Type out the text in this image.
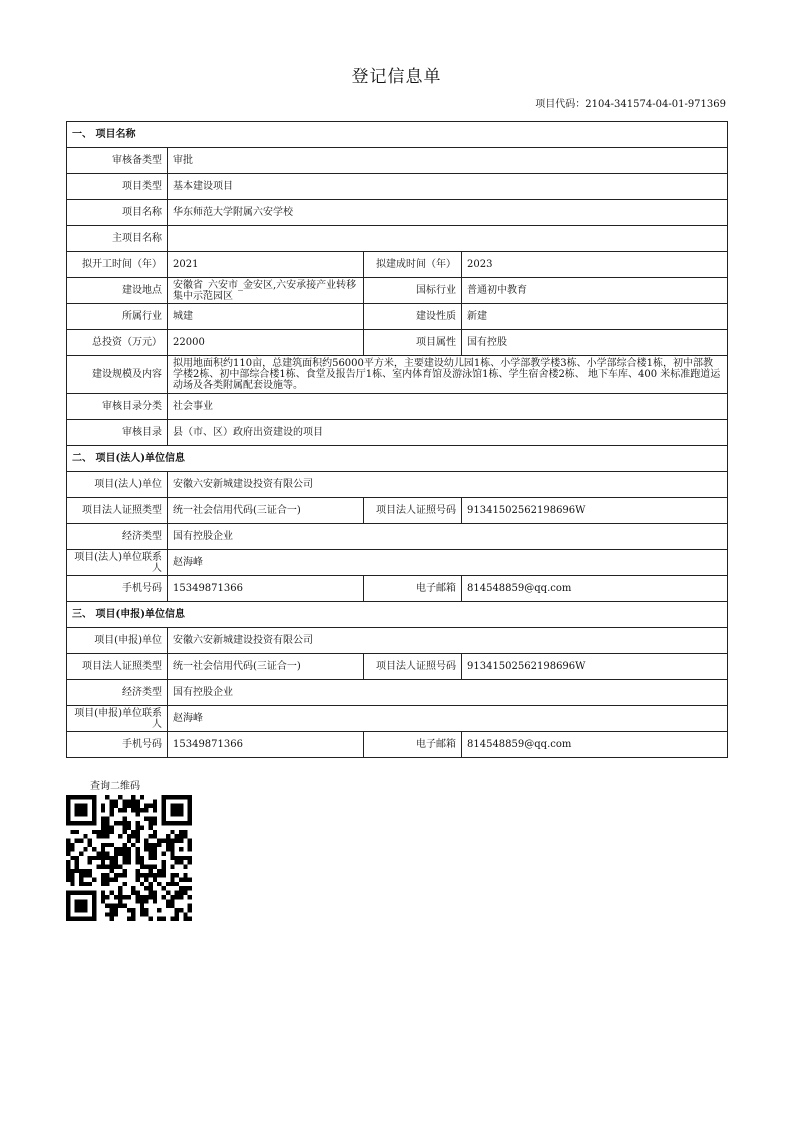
登记信息单
项目代码：2104-341574-04-01-971369
一、 项目名称			
审核备类型	审批		
项目类型	基本建设项目		
项目名称	华东师范大学附属六安学校		
主项目名称			
拟开工时间（年）	2021	拟建成时间（年）	2023
建设地点	安徽省_六安市_金安区,六安承接产业转移集中示范园区	国标行业	普通初中教育
所属行业	城建	建设性质	新建
总投资（万元）	22000	项目属性	国有控股
建设规模及内容	拟用地面积约110亩，总建筑面积约56000平方米，主要建设幼儿园1栋、小学部教学楼3栋、小学部综合楼1栋，初中部教学楼2栋、初中部综合楼1栋、食堂及报告厅1栋、室内体育馆及游泳馆1栋、学生宿舍楼2栋、 地下车库、400 米标准跑道运动场及各类附属配套设施等。		
审核目录分类	社会事业		
审核目录	县（市、区）政府出资建设的项目		
二、 项目(法人)单位信息			
项目(法人)单位	安徽六安新城建设投资有限公司		
项目法人证照类型	统一社会信用代码(三证合一)	项目法人证照号码	91341502562198696W
经济类型	国有控股企业		
项目(法人)单位联系人	赵海峰		
手机号码	15349871366	电子邮箱	814548859@qq.com
三、 项目(申报)单位信息			
项目(申报)单位	安徽六安新城建设投资有限公司		
项目法人证照类型	统一社会信用代码(三证合一)	项目法人证照号码	91341502562198696W
经济类型	国有控股企业		
项目(申报)单位联系人	赵海峰		
手机号码	15349871366	电子邮箱	814548859@qq.com
查询二维码
